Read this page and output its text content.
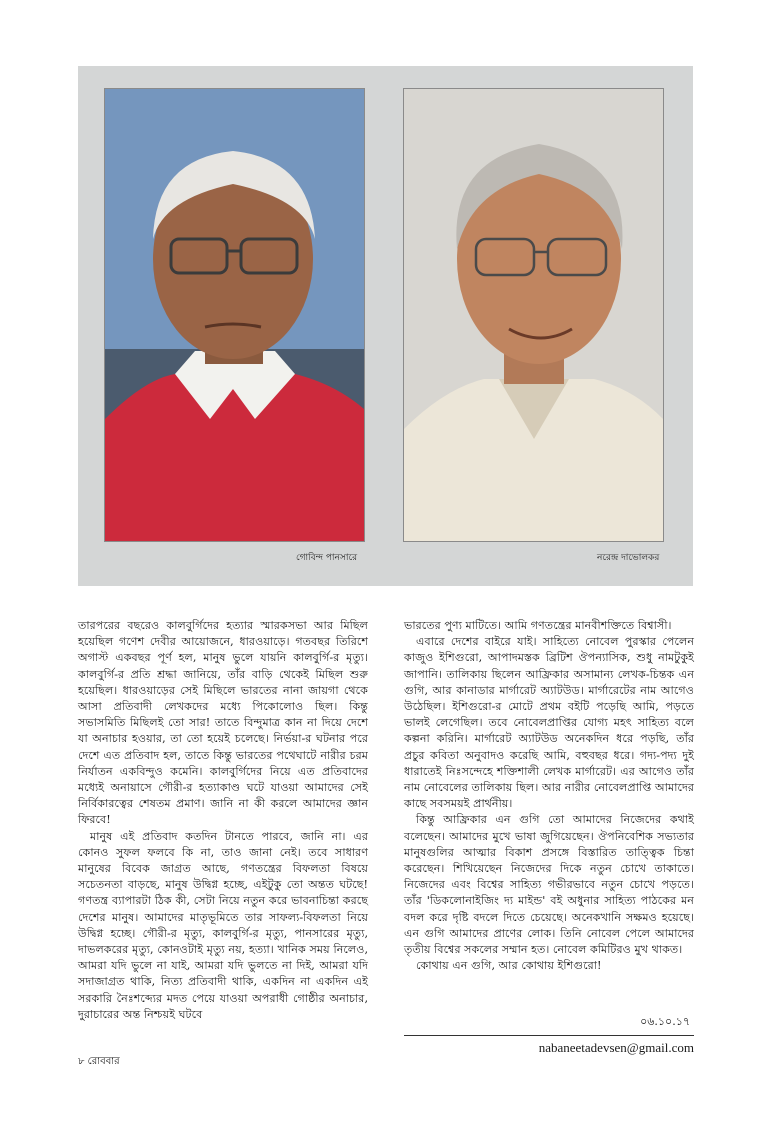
গোবিন্দ পানসারে	নরেন্দ্র দাভোলকর

তারপরের বছরেও কালবুর্গিদের হত্যার স্মারকসভা আর মিছিল হয়েছিল গণেশ দেবীর আয়োজনে, ধারওয়াড়ে। গতবছর তিরিশে অগাস্ট একবছর পূর্ণ হল, মানুষ ভুলে যায়নি কালবুর্গি-র মৃত্যু। কালবুর্গি-র প্রতি শ্রদ্ধা জানিয়ে, তাঁর বাড়ি থেকেই মিছিল শুরু হয়েছিল। ধারওয়াড়ের সেই মিছিলে ভারতের নানা জায়গা থেকে আসা প্রতিবাদী লেখকদের মধ্যে পিকোলোও ছিল। কিন্তু সভাসমিতি মিছিলই তো সার! তাতে বিন্দুমাত্র কান না দিয়ে দেশে যা অনাচার হওয়ার, তা তো হয়েই চলেছে। নির্ভয়া-র ঘটনার পরে দেশে এত প্রতিবাদ হল, তাতে কিন্তু ভারতের পথেঘাটে নারীর চরম নির্যাতন একবিন্দুও কমেনি। কালবুর্গিদের নিয়ে এত প্রতিবাদের মধ্যেই অনায়াসে গৌরী-র হত্যাকাণ্ড ঘটে যাওয়া আমাদের সেই নির্বিকারত্বের শেষতম প্রমাণ। জানি না কী করলে আমাদের জ্ঞান ফিরবে!

মানুষ এই প্রতিবাদ কতদিন টানতে পারবে, জানি না। এর কোনও সুফল ফলবে কি না, তাও জানা নেই। তবে সাধারণ মানুষের বিবেক জাগ্রত আছে, গণতন্ত্রের বিফলতা বিষয়ে সচেতনতা বাড়ছে, মানুষ উদ্বিগ্ন হচ্ছে, এইটুকু তো অন্তত ঘটছে! গণতন্ত্র ব্যাপারটা ঠিক কী, সেটা নিয়ে নতুন করে ভাবনাচিন্তা করছে দেশের মানুষ। আমাদের মাতৃভূমিতে তার সাফল্য-বিফলতা নিয়ে উদ্বিগ্ন হচ্ছে। গৌরী-র মৃত্যু, কালবুর্গি-র মৃত্যু, পানসারের মৃত্যু, দাভলকরের মৃত্যু, কোনওটাই মৃত্যু নয়, হত্যা। খানিক সময় নিলেও, আমরা যদি ভুলে না যাই, আমরা যদি ভুলতে না দিই, আমরা যদি সদাজাগ্রত থাকি, নিত্য প্রতিবাদী থাকি, একদিন না একদিন এই সরকারি নৈঃশব্দ্যের মদত পেয়ে যাওয়া অপরাধী গোষ্ঠীর অনাচার, দুরাচারের অন্ত নিশ্চয়ই ঘটবে

ভারতের পুণ্য মাটিতে। আমি গণতন্ত্রের মানবীশক্তিতে বিশ্বাসী।

এবারে দেশের বাইরে যাই। সাহিত্যে নোবেল পুরস্কার পেলেন কাজুও ইশিগুরো, আপাদমস্তক ব্রিটিশ ঔপন্যাসিক, শুধু নামটুকুই জাপানি। তালিকায় ছিলেন আফ্রিকার অসামান্য লেখক-চিন্তক এন গুগি, আর কানাডার মার্গারেট অ্যাটউড। মার্গারেটের নাম আগেও উঠেছিল। ইশিগুরো-র মোটে প্রথম বইটি পড়েছি আমি, পড়তে ভালই লেগেছিল। তবে নোবেলপ্রাপ্তির যোগ্য মহৎ সাহিত্য বলে কল্পনা করিনি। মার্গারেট অ্যাটউড অনেকদিন ধরে পড়ছি, তাঁর প্রচুর কবিতা অনুবাদও করেছি আমি, বহুবছর ধরে। গদ্য-পদ্য দুই ধারাতেই নিঃসন্দেহে শক্তিশালী লেখক মার্গারেট। এর আগেও তাঁর নাম নোবেলের তালিকায় ছিল। আর নারীর নোবেলপ্রাপ্তি আমাদের কাছে সবসময়ই প্রার্থনীয়।

কিন্তু আফ্রিকার এন গুগি তো আমাদের নিজেদের কথাই বলেছেন। আমাদের মুখে ভাষা জুগিয়েছেন। ঔপনিবেশিক সভ্যতার মানুষগুলির আত্মার বিকাশ প্রসঙ্গে বিস্তারিত তাত্ত্বিক চিন্তা করেছেন। শিখিয়েছেন নিজেদের দিকে নতুন চোখে তাকাতে। নিজেদের এবং বিশ্বের সাহিত্য গভীরভাবে নতুন চোখে পড়তে। তাঁর 'ডিকলোনাইজিং দ্য মাইন্ড' বই অধুনার সাহিত্য পাঠকের মন বদল করে দৃষ্টি বদলে দিতে চেয়েছে। অনেকখানি সক্ষমও হয়েছে। এন গুগি আমাদের প্রাণের লোক। তিনি নোবেল পেলে আমাদের তৃতীয় বিশ্বের সকলের সম্মান হত। নোবেল কমিটিরও মুখ থাকত।

কোথায় এন গুগি, আর কোথায় ইশিগুরো!

০৬.১০.১৭
nabaneetadevsen@gmail.com
৮ রোববার
